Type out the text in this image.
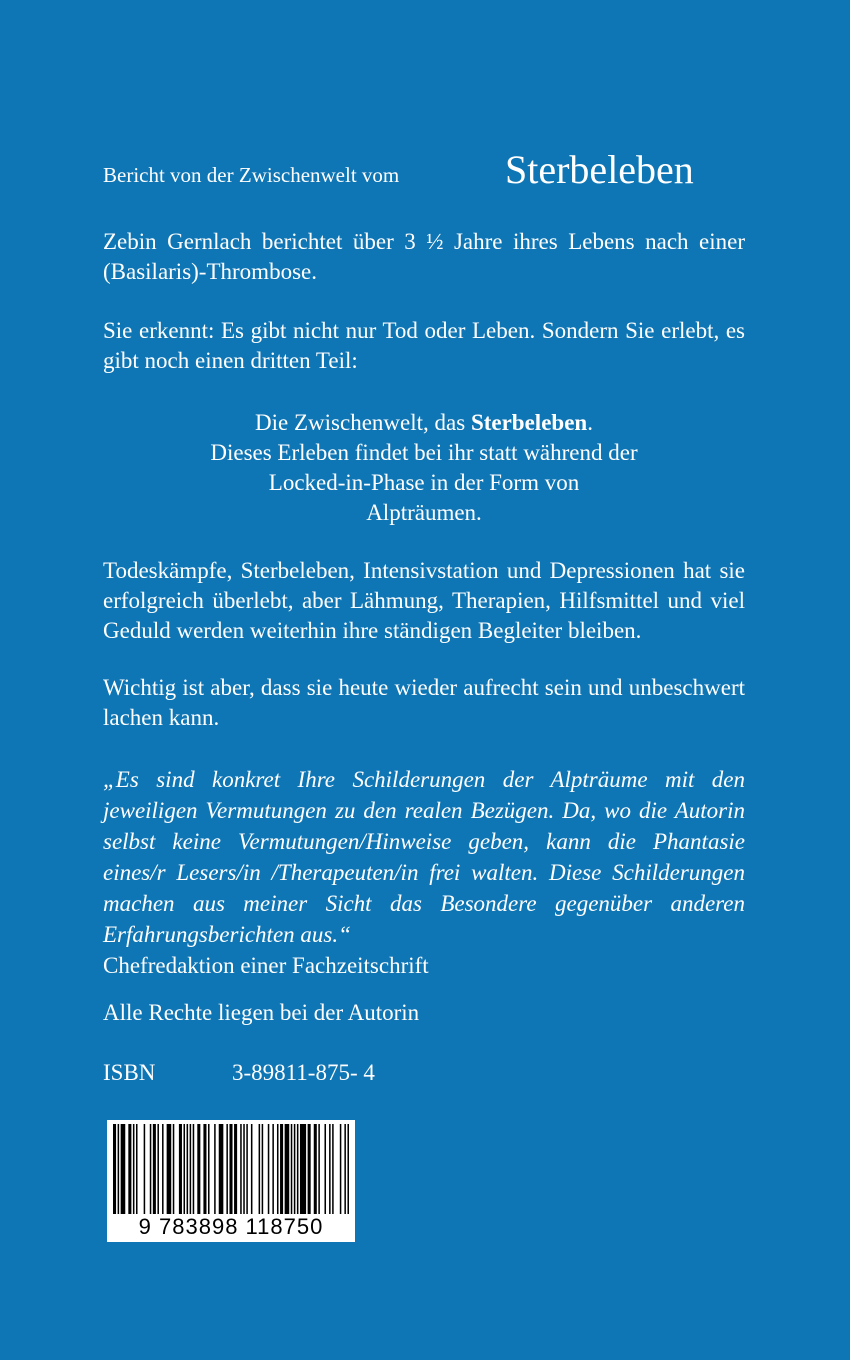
Bericht von der Zwischenwelt vom	Sterbeleben

Zebin Gernlach berichtet über 3 ½ Jahre ihres Lebens nach einer (Basilaris)-Thrombose.

Sie erkennt: Es gibt nicht nur Tod oder Leben. Sondern Sie erlebt, es gibt noch einen dritten Teil:

Die Zwischenwelt, das Sterbeleben.
Dieses Erleben findet bei ihr statt während der
Locked-in-Phase in der Form von
Alpträumen.

Todeskämpfe, Sterbeleben, Intensivstation und Depressionen hat sie erfolgreich überlebt, aber Lähmung, Therapien, Hilfsmittel und viel Geduld werden weiterhin ihre ständigen Begleiter bleiben.

Wichtig ist aber, dass sie heute wieder aufrecht sein und unbeschwert lachen kann.

„Es sind konkret Ihre Schilderungen der Alpträume mit den jeweiligen Vermutungen zu den realen Bezügen. Da, wo die Autorin selbst keine Vermutungen/Hinweise geben, kann die Phantasie eines/r Lesers/in /Therapeuten/in frei walten. Diese Schilderungen machen aus meiner Sicht das Besondere gegenüber anderen Erfahrungsberichten aus.“
Chefredaktion einer Fachzeitschrift
Alle Rechte liegen bei der Autorin
ISBN	3-89811-875- 4
9 783898 118750
